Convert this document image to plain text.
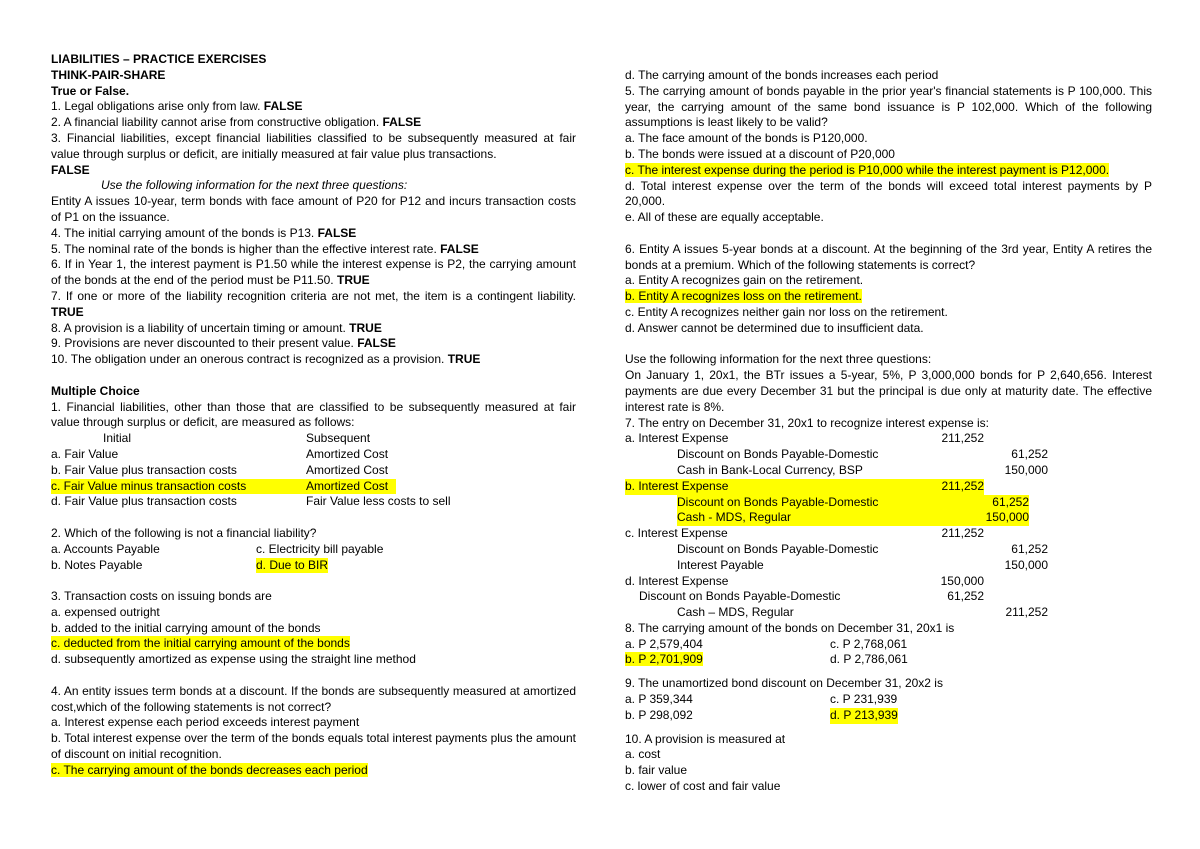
LIABILITIES – PRACTICE EXERCISES

THINK-PAIR-SHARE

True or False.

1. Legal obligations arise only from law. FALSE

2. A financial liability cannot arise from constructive obligation. FALSE

3. Financial liabilities, except financial liabilities classified to be subsequently measured at fair value through surplus or deficit, are initially measured at fair value plus transactions.
FALSE

Use the following information for the next three questions:

Entity A issues 10-year, term bonds with face amount of P20 for P12 and incurs transaction costs of P1 on the issuance.

4. The initial carrying amount of the bonds is P13. FALSE

5. The nominal rate of the bonds is higher than the effective interest rate. FALSE

6. If in Year 1, the interest payment is P1.50 while the interest expense is P2, the carrying amount of the bonds at the end of the period must be P11.50. TRUE

7. If one or more of the liability recognition criteria are not met, the item is a contingent liability. TRUE

8. A provision is a liability of uncertain timing or amount. TRUE

9. Provisions are never discounted to their present value. FALSE

10. The obligation under an onerous contract is recognized as a provision. TRUE

Multiple Choice

1. Financial liabilities, other than those that are classified to be subsequently measured at fair value through surplus or deficit, are measured as follows:

Initial	Subsequent
a. Fair Value	Amortized Cost
b. Fair Value plus transaction costs	Amortized Cost
c. Fair Value minus transaction costs	Amortized Cost
d. Fair Value plus transaction costs	Fair Value less costs to sell

2. Which of the following is not a financial liability?

a. Accounts Payable	c. Electricity bill payable
b. Notes Payable	d. Due to BIR

3. Transaction costs on issuing bonds are

a. expensed outright

b. added to the initial carrying amount of the bonds

c. deducted from the initial carrying amount of the bonds

d. subsequently amortized as expense using the straight line method

4. An entity issues term bonds at a discount. If the bonds are subsequently measured at amortized cost,which of the following statements is not correct?

a. Interest expense each period exceeds interest payment

b. Total interest expense over the term of the bonds equals total interest payments plus the amount of discount on initial recognition.

c. The carrying amount of the bonds decreases each period

d. The carrying amount of the bonds increases each period

5. The carrying amount of bonds payable in the prior year's financial statements is P 100,000. This year, the carrying amount of the same bond issuance is P 102,000. Which of the following assumptions is least likely to be valid?

a. The face amount of the bonds is P120,000.

b. The bonds were issued at a discount of P20,000

c. The interest expense during the period is P10,000 while the interest payment is P12,000.

d. Total interest expense over the term of the bonds will exceed total interest payments by P 20,000.

e. All of these are equally acceptable.

6. Entity A issues 5-year bonds at a discount. At the beginning of the 3rd year, Entity A retires the bonds at a premium. Which of the following statements is correct?

a. Entity A recognizes gain on the retirement.

b. Entity A recognizes loss on the retirement.

c. Entity A recognizes neither gain nor loss on the retirement.

d. Answer cannot be determined due to insufficient data.

Use the following information for the next three questions:

On January 1, 20x1, the BTr issues a 5-year, 5%, P 3,000,000 bonds for P 2,640,656. Interest payments are due every December 31 but the principal is due only at maturity date. The effective interest rate is 8%.

7. The entry on December 31, 20x1 to recognize interest expense is:

a. Interest Expense	211,252
Discount on Bonds Payable-Domestic	61,252
Cash in Bank-Local Currency, BSP	150,000
b. Interest Expense	211,252
Discount on Bonds Payable-Domestic	61,252
Cash - MDS, Regular	150,000
c. Interest Expense	211,252
Discount on Bonds Payable-Domestic	61,252
Interest Payable	150,000
d. Interest Expense	150,000
Discount on Bonds Payable-Domestic	61,252
Cash – MDS, Regular	211,252

8. The carrying amount of the bonds on December 31, 20x1 is

a. P 2,579,404	c. P 2,768,061
b. P 2,701,909	d. P 2,786,061

9. The unamortized bond discount on December 31, 20x2 is

a. P 359,344	c. P 231,939
b. P 298,092	d. P 213,939

10. A provision is measured at

a. cost

b. fair value

c. lower of cost and fair value
